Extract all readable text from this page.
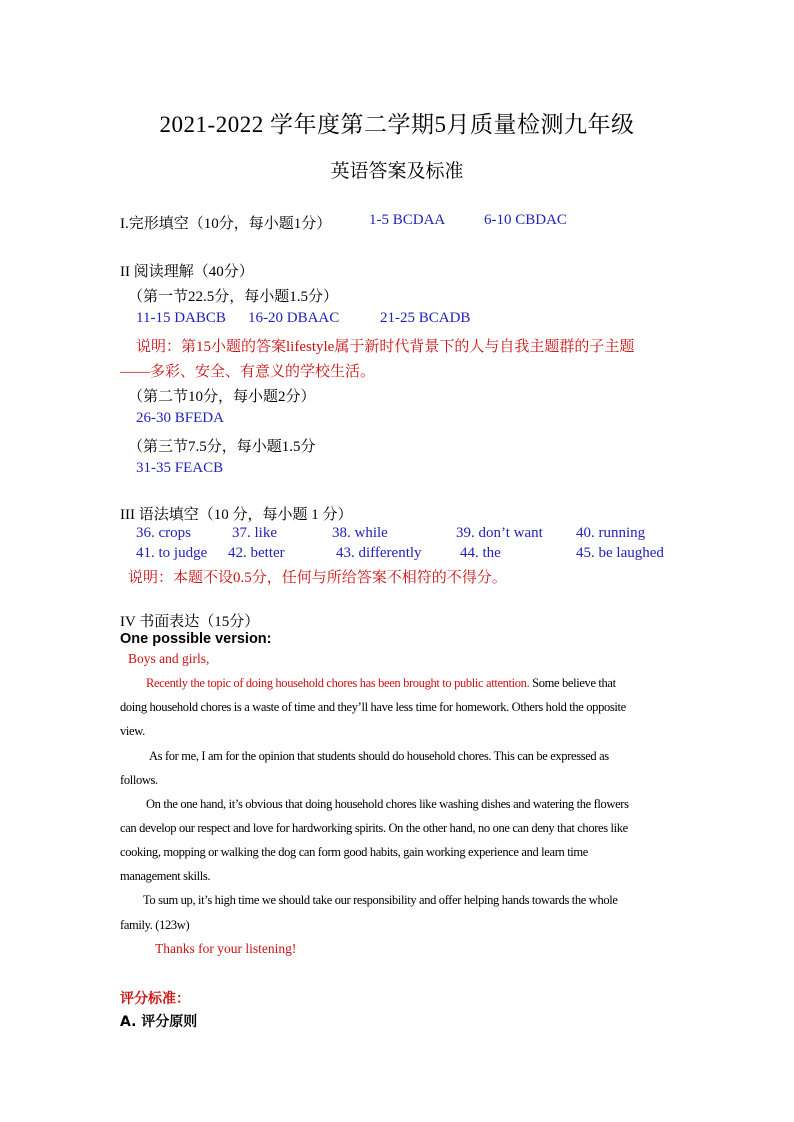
2021-2022 学年度第二学期5月质量检测九年级
英语答案及标准
I.完形填空（10分，每小题1分）	1-5 BCDAA	6-10 CBDAC
II 阅读理解（40分）
（第一节22.5分，每小题1.5分）
11-15 DABCB 16-20 DBAAC	21-25 BCADB
说明：第15小题的答案lifestyle属于新时代背景下的人与自我主题群的子主题
——多彩、安全、有意义的学校生活。
（第二节10分，每小题2分）
26-30 BFEDA
（第三节7.5分，每小题1.5分
31-35 FEACB
III 语法填空（10 分，每小题 1 分）
36. crops	37. like	38. while	39. don’t want 40. running
41. to judge 42. better	43. differently	44. the	45. be laughed
说明：本题不设0.5分，任何与所给答案不相符的不得分。
IV 书面表达（15分）
One possible version:
Boys and girls,
Recently the topic of doing household chores has been brought to public attention. Some believe that
doing household chores is a waste of time and they’ll have less time for homework. Others hold the opposite
view.
As for me, I am for the opinion that students should do household chores. This can be expressed as
follows.
On the one hand, it’s obvious that doing household chores like washing dishes and watering the flowers
can develop our respect and love for hardworking spirits. On the other hand, no one can deny that chores like
cooking, mopping or walking the dog can form good habits, gain working experience and learn time
management skills.
To sum up, it’s high time we should take our responsibility and offer helping hands towards the whole
family. (123w)
Thanks for your listening!
评分标准：
A. 评分原则
